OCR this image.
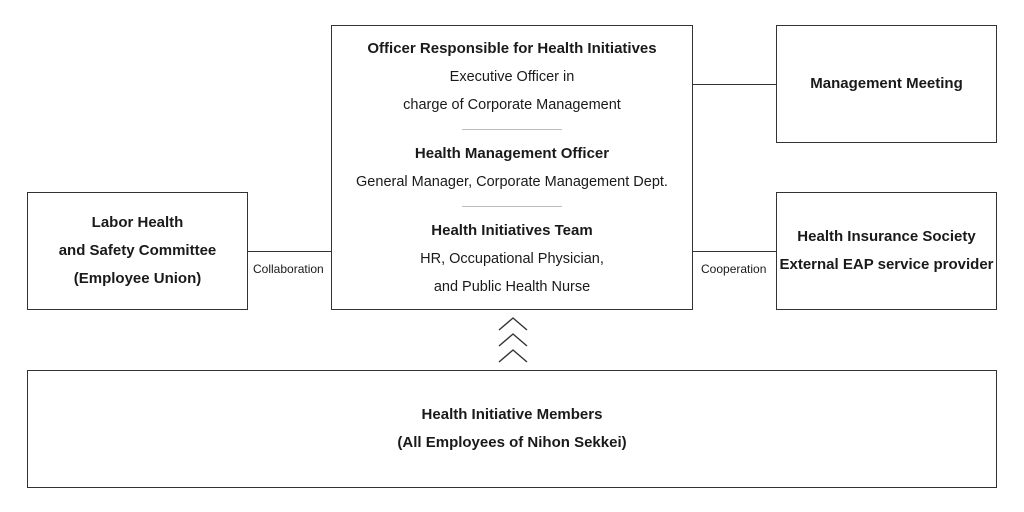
Labor Health
and Safety Committee
(Employee Union)
Officer Responsible for Health Initiatives
Executive Officer in
charge of Corporate Management
Health Management Officer
General Manager, Corporate Management Dept.
Health Initiatives Team
HR, Occupational Physician,
and Public Health Nurse
Management Meeting
Health Insurance Society
External EAP service provider
Health Initiative Members
(All Employees of Nihon Sekkei)
Collaboration	Cooperation
